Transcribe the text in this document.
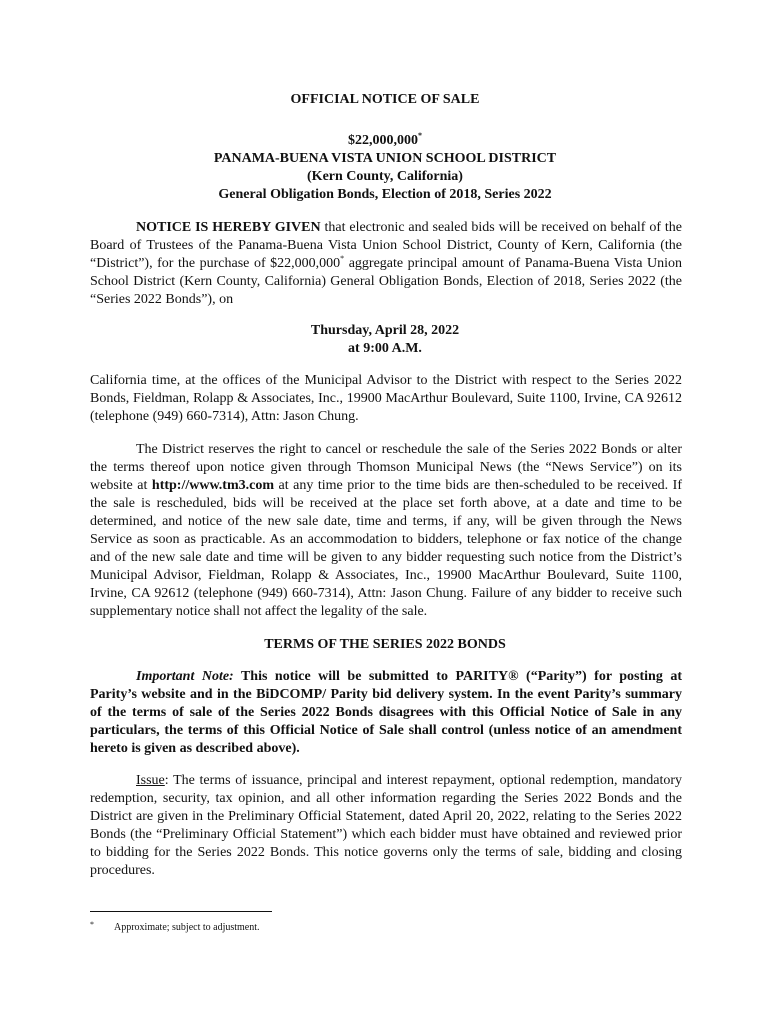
OFFICIAL NOTICE OF SALE
$22,000,000*
PANAMA-BUENA VISTA UNION SCHOOL DISTRICT
(Kern County, California)
General Obligation Bonds, Election of 2018, Series 2022
NOTICE IS HEREBY GIVEN that electronic and sealed bids will be received on behalf of the Board of Trustees of the Panama-Buena Vista Union School District, County of Kern, California (the “District”), for the purchase of $22,000,000* aggregate principal amount of Panama-Buena Vista Union School District (Kern County, California) General Obligation Bonds, Election of 2018, Series 2022 (the “Series 2022 Bonds”), on
Thursday, April 28, 2022
at 9:00 A.M.
California time, at the offices of the Municipal Advisor to the District with respect to the Series 2022 Bonds, Fieldman, Rolapp & Associates, Inc., 19900 MacArthur Boulevard, Suite 1100, Irvine, CA 92612 (telephone (949) 660-7314), Attn: Jason Chung.
The District reserves the right to cancel or reschedule the sale of the Series 2022 Bonds or alter the terms thereof upon notice given through Thomson Municipal News (the “News Service”) on its website at http://www.tm3.com at any time prior to the time bids are then-scheduled to be received. If the sale is rescheduled, bids will be received at the place set forth above, at a date and time to be determined, and notice of the new sale date, time and terms, if any, will be given through the News Service as soon as practicable. As an accommodation to bidders, telephone or fax notice of the change and of the new sale date and time will be given to any bidder requesting such notice from the District’s Municipal Advisor, Fieldman, Rolapp & Associates, Inc., 19900 MacArthur Boulevard, Suite 1100, Irvine, CA 92612 (telephone (949) 660-7314), Attn: Jason Chung. Failure of any bidder to receive such supplementary notice shall not affect the legality of the sale.
TERMS OF THE SERIES 2022 BONDS
Important Note: This notice will be submitted to PARITY® (“Parity”) for posting at Parity’s website and in the BiDCOMP/ Parity bid delivery system. In the event Parity’s summary of the terms of sale of the Series 2022 Bonds disagrees with this Official Notice of Sale in any particulars, the terms of this Official Notice of Sale shall control (unless notice of an amendment hereto is given as described above).
Issue: The terms of issuance, principal and interest repayment, optional redemption, mandatory redemption, security, tax opinion, and all other information regarding the Series 2022 Bonds and the District are given in the Preliminary Official Statement, dated April 20, 2022, relating to the Series 2022 Bonds (the “Preliminary Official Statement”) which each bidder must have obtained and reviewed prior to bidding for the Series 2022 Bonds. This notice governs only the terms of sale, bidding and closing procedures.
* Approximate; subject to adjustment.
